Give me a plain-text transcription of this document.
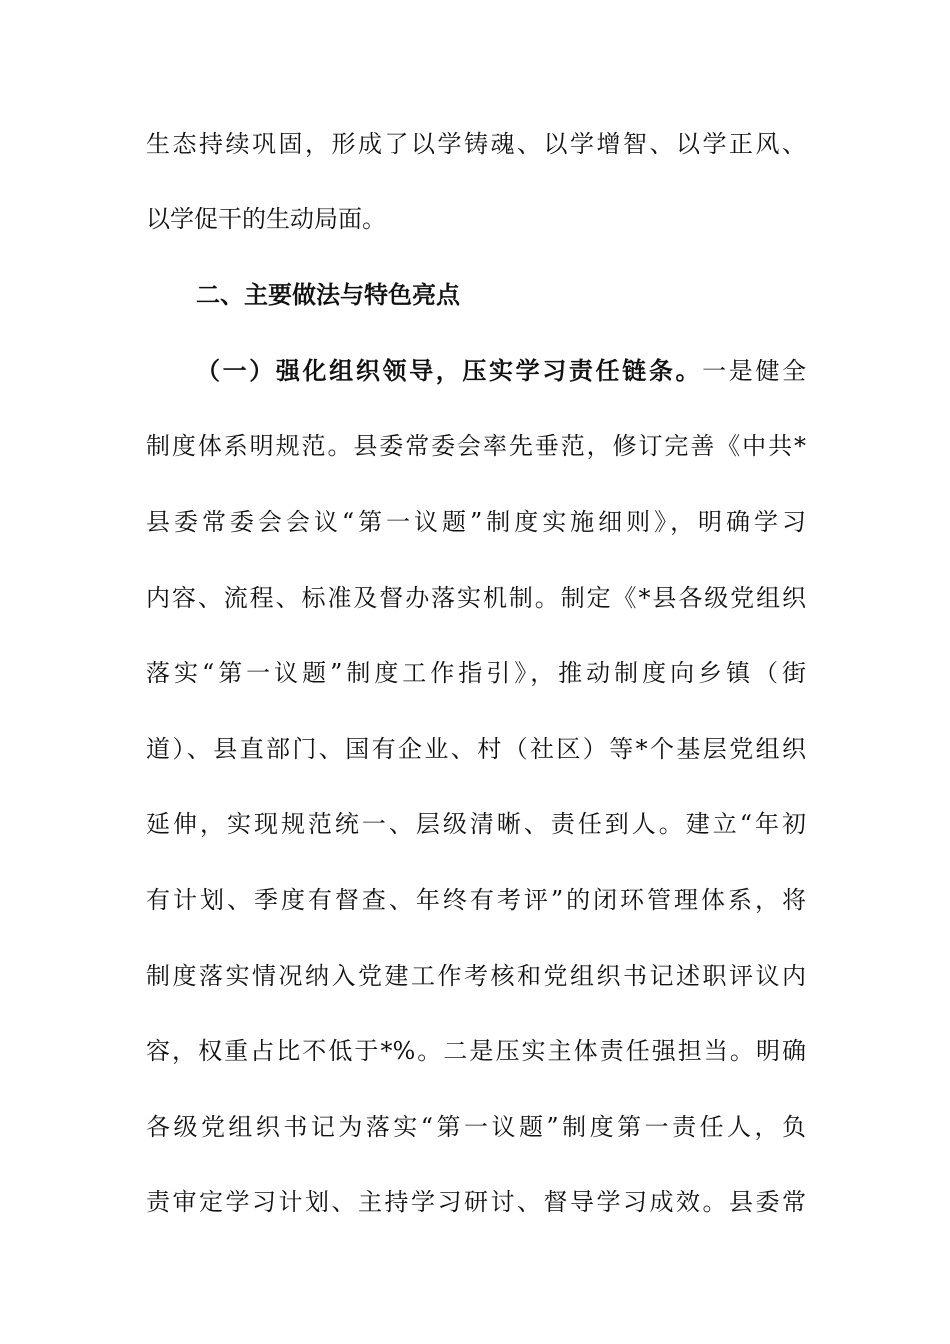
生态持续巩固，形成了以学铸魂、以学增智、以学正风、
以学促干的生动局面。
二、主要做法与特色亮点
（一）强化组织领导，压实学习责任链条。一是健全
制度体系明规范。县委常委会率先垂范，修订完善《中共*
县委常委会会议“第一议题”制度实施细则》，明确学习
内容、流程、标准及督办落实机制。制定《*县各级党组织
落实“第一议题”制度工作指引》，推动制度向乡镇（街
道）、县直部门、国有企业、村（社区）等*个基层党组织
延伸，实现规范统一、层级清晰、责任到人。建立“年初
有计划、季度有督查、年终有考评”的闭环管理体系，将
制度落实情况纳入党建工作考核和党组织书记述职评议内
容，权重占比不低于*%。二是压实主体责任强担当。明确
各级党组织书记为落实“第一议题”制度第一责任人，负
责审定学习计划、主持学习研讨、督导学习成效。县委常
